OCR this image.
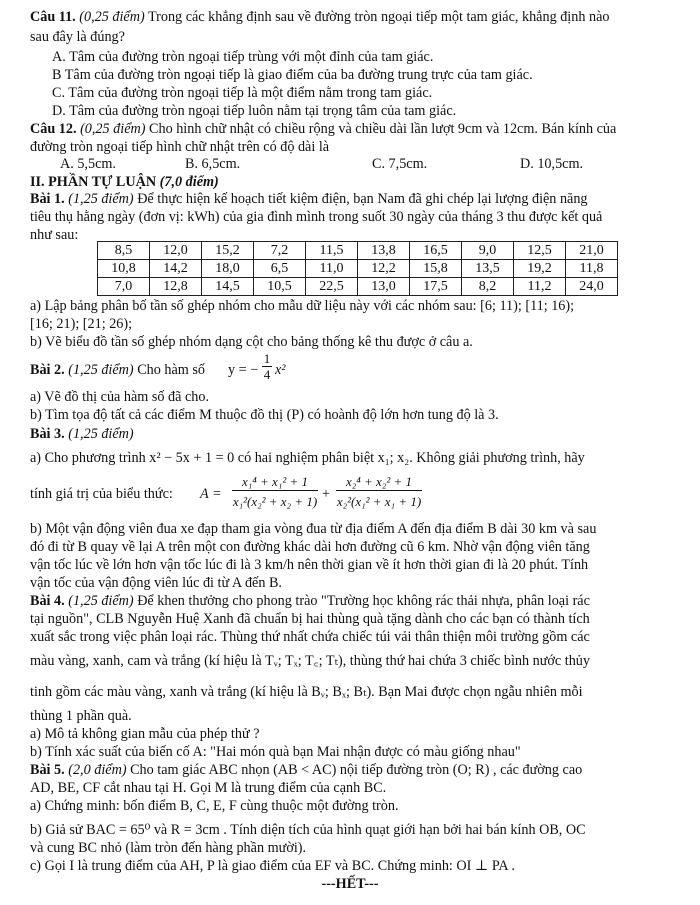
Câu 11. (0,25 điểm) Trong các khẳng định sau về đường tròn ngoại tiếp một tam giác, khẳng định nào
sau đây là đúng?
A. Tâm của đường tròn ngoại tiếp trùng với một đỉnh của tam giác.
B Tâm của đường tròn ngoại tiếp là giao điểm của ba đường trung trực của tam giác.
C. Tâm của đường tròn ngoại tiếp là một điểm nằm trong tam giác.
D. Tâm của đường tròn ngoại tiếp luôn nằm tại trọng tâm của tam giác.
Câu 12. (0,25 điểm) Cho hình chữ nhật có chiều rộng và chiều dài lần lượt 9cm và 12cm. Bán kính của
đường tròn ngoại tiếp hình chữ nhật trên có độ dài là
A. 5,5cm.	B. 6,5cm.	C. 7,5cm.	D. 10,5cm.
II. PHẦN TỰ LUẬN (7,0 điểm)
Bài 1. (1,25 điểm) Để thực hiện kế hoạch tiết kiệm điện, bạn Nam đã ghi chép lại lượng điện năng
tiêu thụ hằng ngày (đơn vị: kWh) của gia đình mình trong suốt 30 ngày của tháng 3 thu được kết quả
như sau:
8,5	12,0	15,2	7,2	11,5	13,8	16,5	9,0	12,5	21,0
10,8	14,2	18,0	6,5	11,0	12,2	15,8	13,5	19,2	11,8
7,0	12,8	14,5	10,5	22,5	13,0	17,5	8,2	11,2	24,0
a) Lập bảng phân bố tần số ghép nhóm cho mẫu dữ liệu này với các nhóm sau: [6; 11); [11; 16);
[16; 21); [21; 26);
b) Vẽ biểu đồ tần số ghép nhóm dạng cột cho bảng thống kê thu được ở câu a.
Bài 2. (1,25 điểm) Cho hàm số y = −
1
4 x²
a) Vẽ đồ thị của hàm số đã cho.
b) Tìm tọa độ tất cả các điểm M thuộc đồ thị (P) có hoành độ lớn hơn tung độ là 3.
Bài 3. (1,25 điểm)
a) Cho phương trình x² − 5x + 1 = 0 có hai nghiệm phân biệt x₁; x₂. Không giải phương trình, hãy
tính giá trị của biểu thức: A =
x₁⁴ + x₁² + 1
x₁²(x₂² + x₂ + 1) +
x₂⁴ + x₂² + 1
x₂²(x₁² + x₁ + 1)
b) Một vận động viên đua xe đạp tham gia vòng đua từ địa điểm A đến địa điểm B dài 30 km và sau
đó đi từ B quay về lại A trên một con đường khác dài hơn đường cũ 6 km. Nhờ vận động viên tăng
vận tốc lúc về lớn hơn vận tốc lúc đi là 3 km/h nên thời gian về ít hơn thời gian đi là 20 phút. Tính
vận tốc của vận động viên lúc đi từ A đến B.
Bài 4. (1,25 điểm) Để khen thưởng cho phong trào "Trường học không rác thải nhựa, phân loại rác
tại nguồn", CLB Nguyễn Huệ Xanh đã chuẩn bị hai thùng quà tặng dành cho các bạn có thành tích
xuất sắc trong việc phân loại rác. Thùng thứ nhất chứa chiếc túi vải thân thiện môi trường gồm các
màu vàng, xanh, cam và trắng (kí hiệu là Tᵥ; Tₓ; T꜀; Tₜ), thùng thứ hai chứa 3 chiếc bình nước thủy
tinh gồm các màu vàng, xanh và trắng (kí hiệu là Bᵥ; Bₓ; Bₜ). Bạn Mai được chọn ngẫu nhiên mỗi
thùng 1 phần quà.
a) Mô tả không gian mẫu của phép thử ?
b) Tính xác suất của biến cố A: "Hai món quà bạn Mai nhận được có màu giống nhau"
Bài 5. (2,0 điểm) Cho tam giác ABC nhọn (AB < AC) nội tiếp đường tròn (O; R) , các đường cao
AD, BE, CF cắt nhau tại H. Gọi M là trung điểm của cạnh BC.
a) Chứng minh: bốn điểm B, C, E, F cùng thuộc một đường tròn.
b) Giả sử BAC = 65⁰ và R = 3cm . Tính diện tích của hình quạt giới hạn bởi hai bán kính OB, OC
và cung BC nhỏ (làm tròn đến hàng phần mười).
c) Gọi I là trung điểm của AH, P là giao điểm của EF và BC. Chứng minh: OI ⊥ PA .
---HẾT---
